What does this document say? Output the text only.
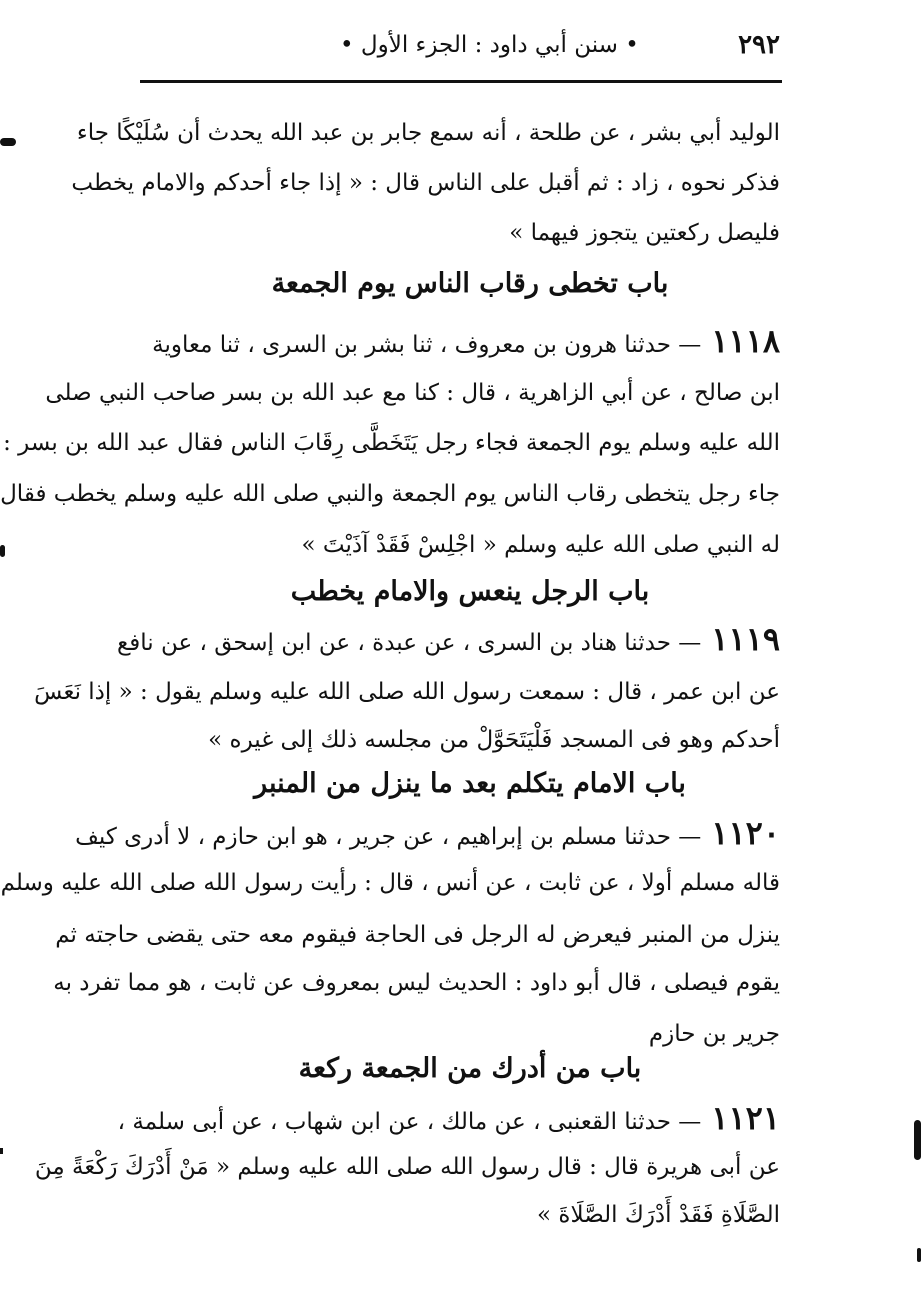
٢٩٢
• سنن أبي داود : الجزء الأول •
الوليد أبي بشر ، عن طلحة ، أنه سمع جابر بن عبد الله يحدث أن سُلَيْكًا جاء
فذكر نحوه ، زاد : ثم أقبل على الناس قال : « إذا جاء أحدكم والامام يخطب
فليصل ركعتين يتجوز فيهما »
باب تخطى رقاب الناس يوم الجمعة
١١١٨— حدثنا هرون بن معروف ، ثنا بشر بن السرى ، ثنا معاوية
ابن صالح ، عن أبي الزاهرية ، قال : كنا مع عبد الله بن بسر صاحب النبي صلى
الله عليه وسلم يوم الجمعة فجاء رجل يَتَخَطَّى رِقَابَ الناس فقال عبد الله بن بسر :
جاء رجل يتخطى رقاب الناس يوم الجمعة والنبي صلى الله عليه وسلم يخطب فقال
له النبي صلى الله عليه وسلم « اجْلِسْ فَقَدْ آذَيْتَ »
باب الرجل ينعس والامام يخطب
١١١٩— حدثنا هناد بن السرى ، عن عبدة ، عن ابن إسحق ، عن نافع
عن ابن عمر ، قال : سمعت رسول الله صلى الله عليه وسلم يقول : « إذا نَعَسَ
أحدكم وهو فى المسجد فَلْيَتَحَوَّلْ من مجلسه ذلك إلى غيره »
باب الامام يتكلم بعد ما ينزل من المنبر
١١٢٠— حدثنا مسلم بن إبراهيم ، عن جرير ، هو ابن حازم ، لا أدرى كيف
قاله مسلم أولا ، عن ثابت ، عن أنس ، قال : رأيت رسول الله صلى الله عليه وسلم
ينزل من المنبر فيعرض له الرجل فى الحاجة فيقوم معه حتى يقضى حاجته ثم
يقوم فيصلى ، قال أبو داود : الحديث ليس بمعروف عن ثابت ، هو مما تفرد به
جرير بن حازم
باب من أدرك من الجمعة ركعة
١١٢١— حدثنا القعنبى ، عن مالك ، عن ابن شهاب ، عن أبى سلمة ،
عن أبى هريرة قال : قال رسول الله صلى الله عليه وسلم « مَنْ أَدْرَكَ رَكْعَةً مِنَ
الصَّلَاةِ فَقَدْ أَدْرَكَ الصَّلَاةَ »
